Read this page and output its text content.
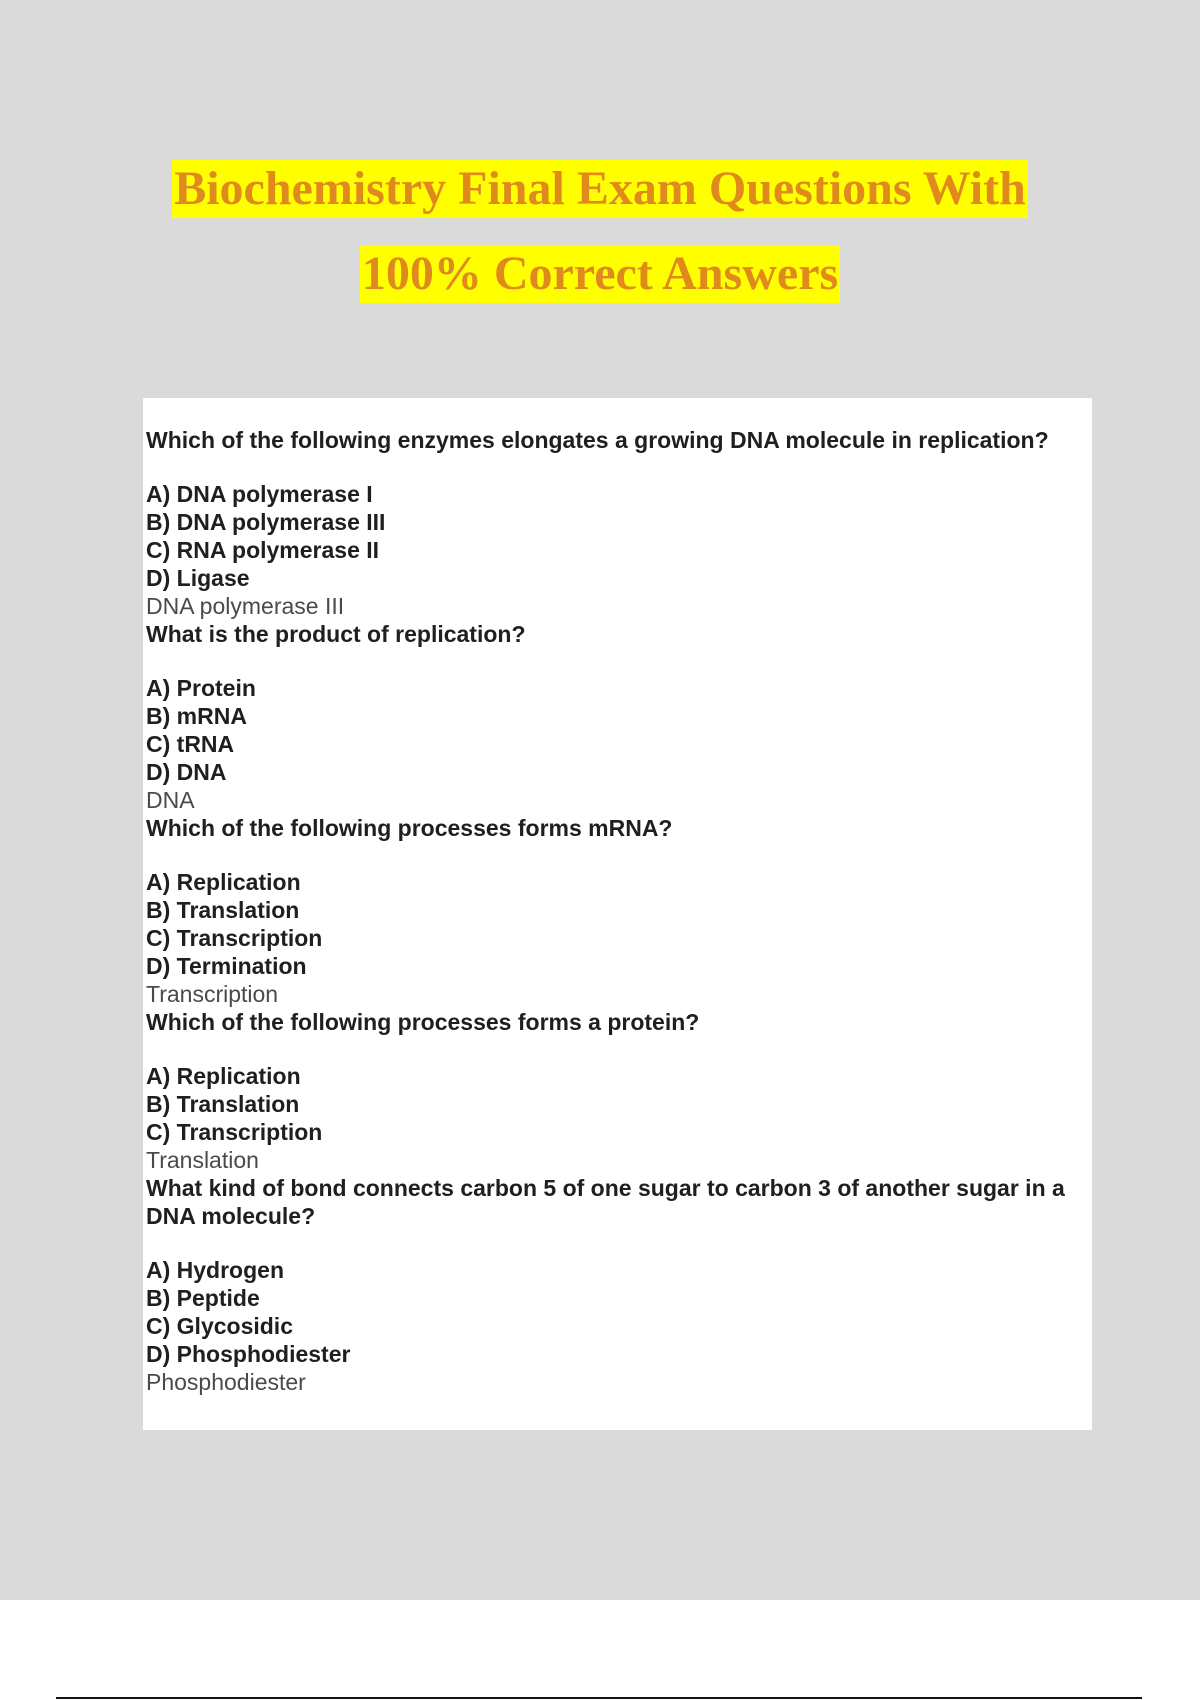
Biochemistry Final Exam Questions With
100% Correct Answers

Which of the following enzymes elongates a growing DNA molecule in replication?

A) DNA polymerase I
B) DNA polymerase III
C) RNA polymerase II
D) Ligase

DNA polymerase III

What is the product of replication?

A) Protein
B) mRNA
C) tRNA
D) DNA

DNA

Which of the following processes forms mRNA?

A) Replication
B) Translation
C) Transcription
D) Termination

Transcription

Which of the following processes forms a protein?

A) Replication
B) Translation
C) Transcription

Translation

What kind of bond connects carbon 5 of one sugar to carbon 3 of another sugar in a DNA molecule?

A) Hydrogen
B) Peptide
C) Glycosidic
D) Phosphodiester

Phosphodiester
